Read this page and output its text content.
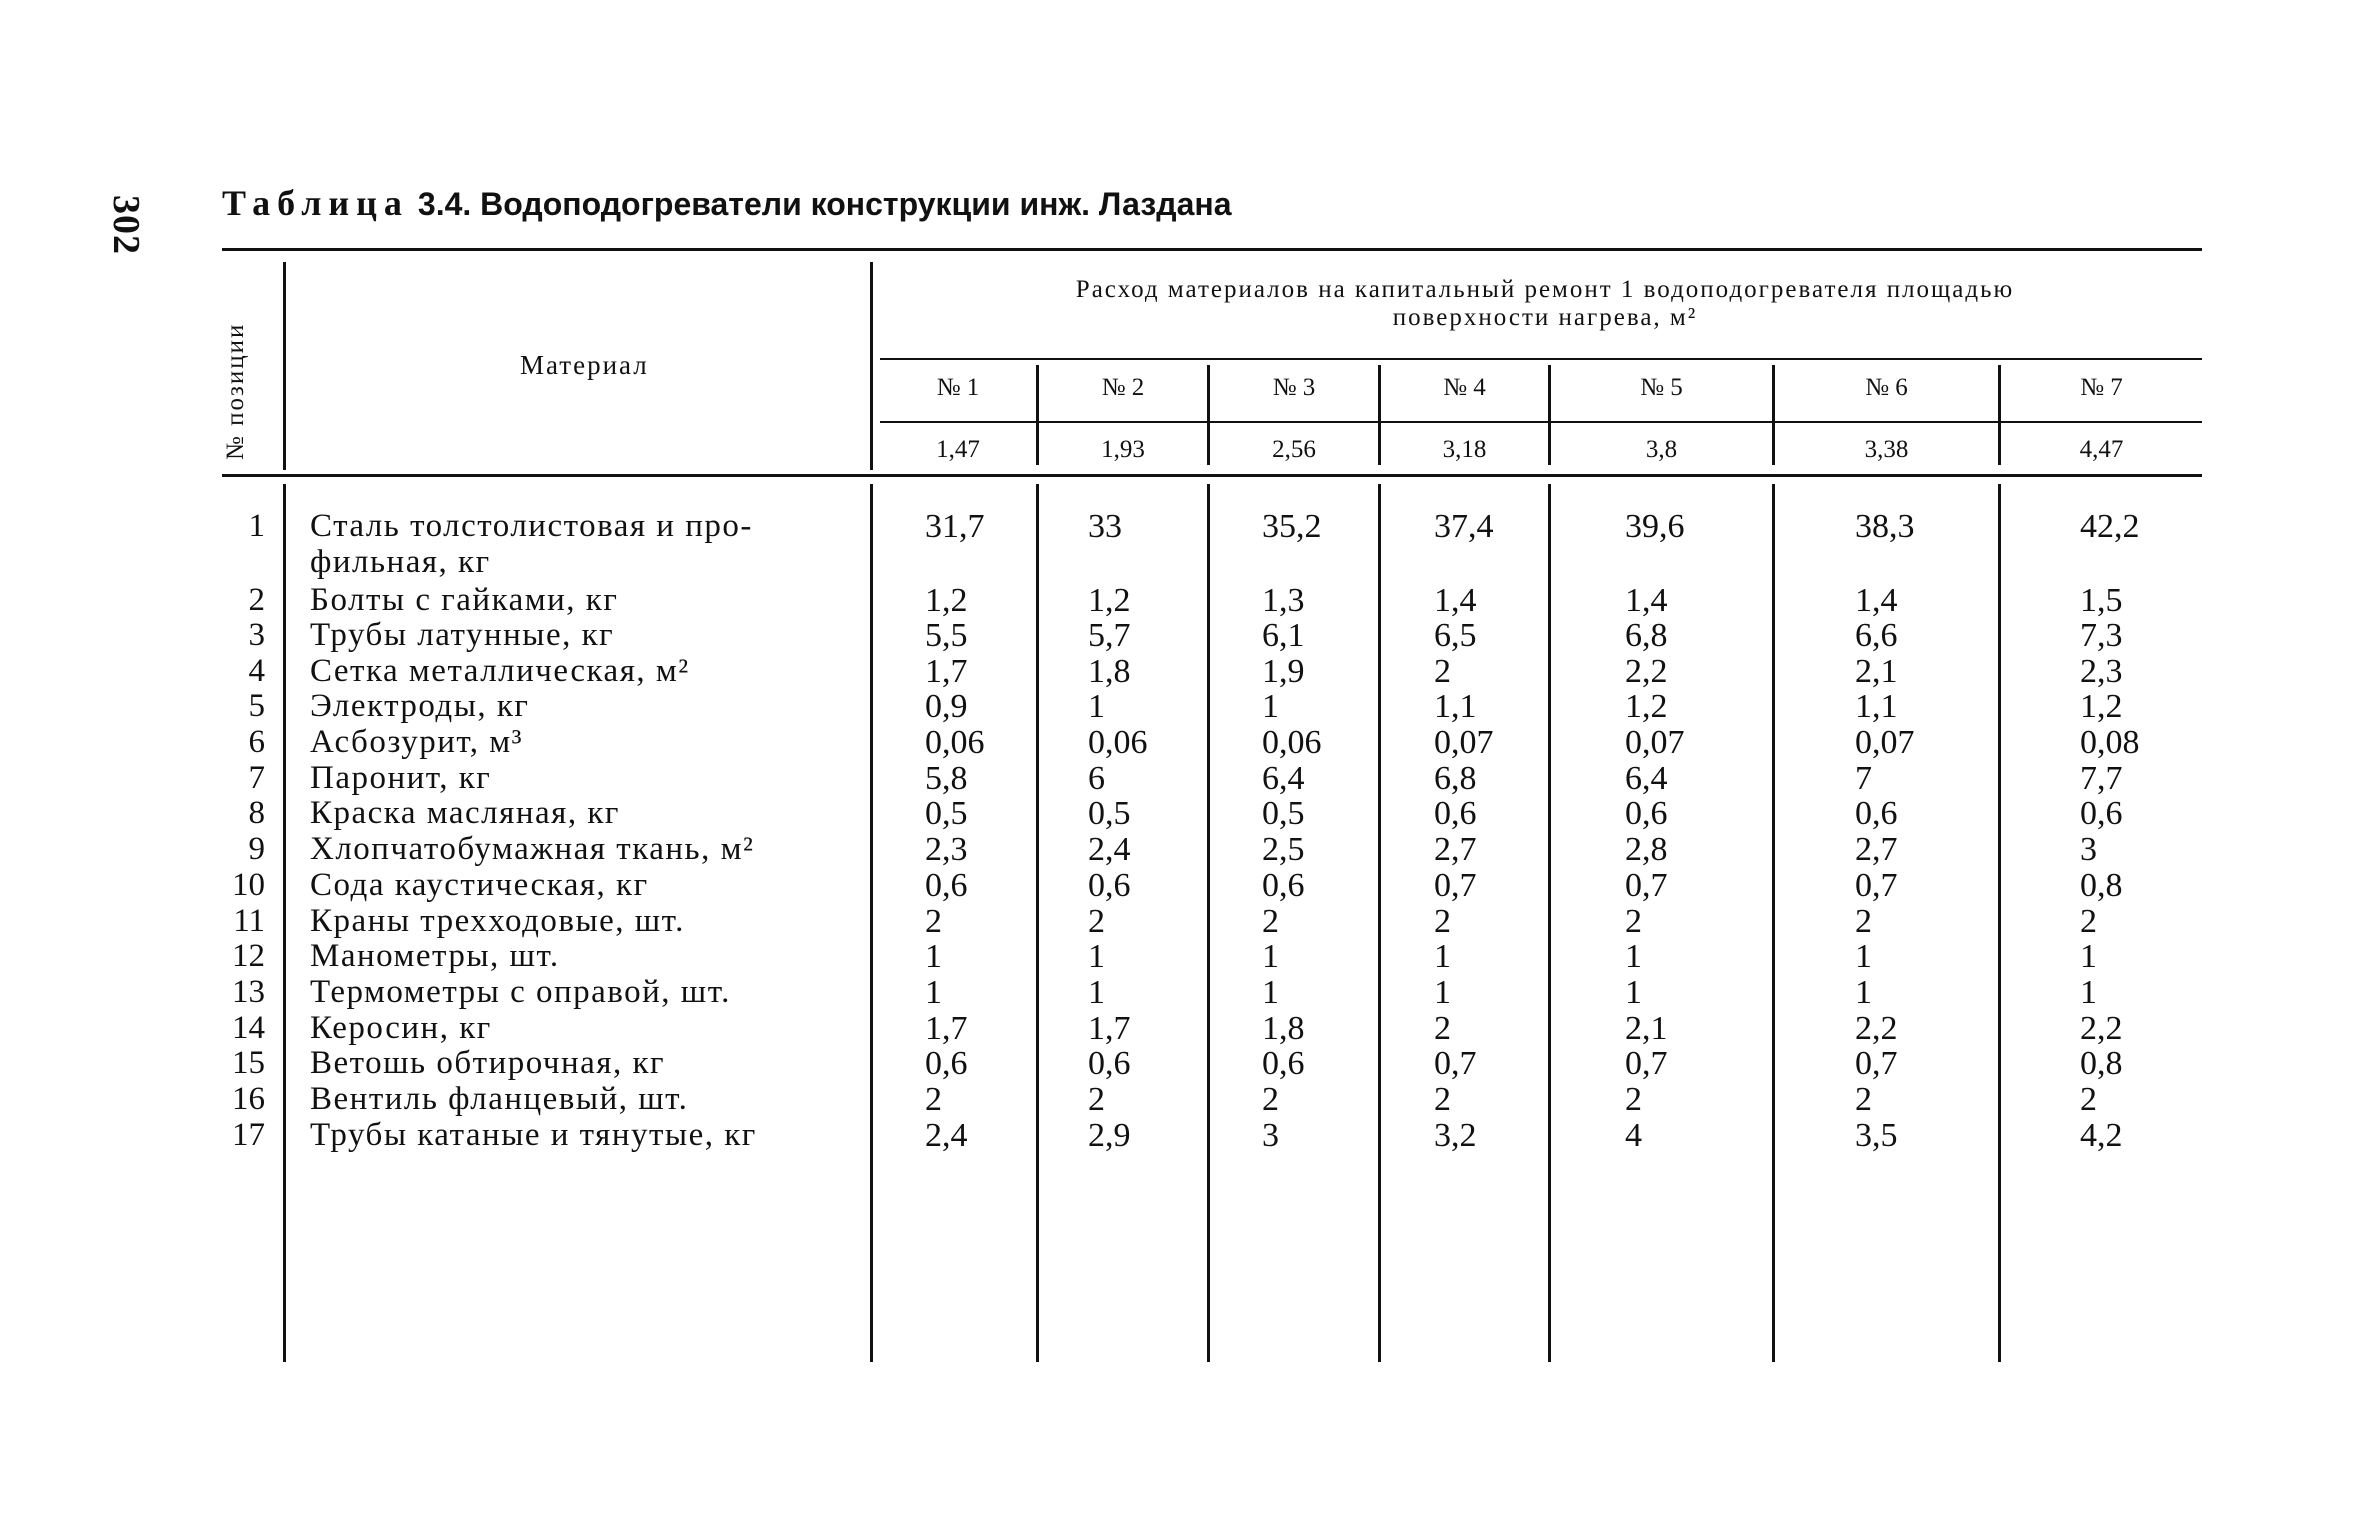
302 Таблица 3.4. Водоподогреватели конструкции инж. Лаздана
№ позиции	Материал
Расход материалов на капитальный ремонт 1 водоподогревателя площадью
поверхности нагрева, м²
№ 1	№ 2	№ 3	№ 4	№ 5	№ 6	№ 7
1,47	1,93	2,56	3,18	3,8	3,38	4,47
1 Сталь толстолистовая и про-
фильная, кг
31,7	33	35,2	37,4	39,6	38,3	42,2
2 Болты с гайками, кг	1,2	1,2	1,3	1,4	1,4	1,4	1,5
3 Трубы латунные, кг	5,5	5,7	6,1	6,5	6,8	6,6	7,3
4 Сетка металлическая, м²	1,7	1,8	1,9	2	2,2	2,1	2,3
5 Электроды, кг	0,9	1	1	1,1	1,2	1,1	1,2
6 Асбозурит, м³	0,06	0,06	0,06	0,07	0,07	0,07	0,08
7 Паронит, кг	5,8	6	6,4	6,8	6,4	7	7,7
8 Краска масляная, кг	0,5	0,5	0,5	0,6	0,6	0,6	0,6
9 Хлопчатобумажная ткань, м²	2,3	2,4	2,5	2,7	2,8	2,7	3
10 Сода каустическая, кг	0,6	0,6	0,6	0,7	0,7	0,7	0,8
11 Краны трехходовые, шт.	2	2	2	2	2	2	2
12 Манометры, шт.	1	1	1	1	1	1	1
13 Термометры с оправой, шт.	1	1	1	1	1	1	1
14 Керосин, кг	1,7	1,7	1,8	2	2,1	2,2	2,2
15 Ветошь обтирочная, кг	0,6	0,6	0,6	0,7	0,7	0,7	0,8
16 Вентиль фланцевый, шт.	2	2	2	2	2	2	2
17 Трубы катаные и тянутые, кг	2,4	2,9	3	3,2	4	3,5	4,2
